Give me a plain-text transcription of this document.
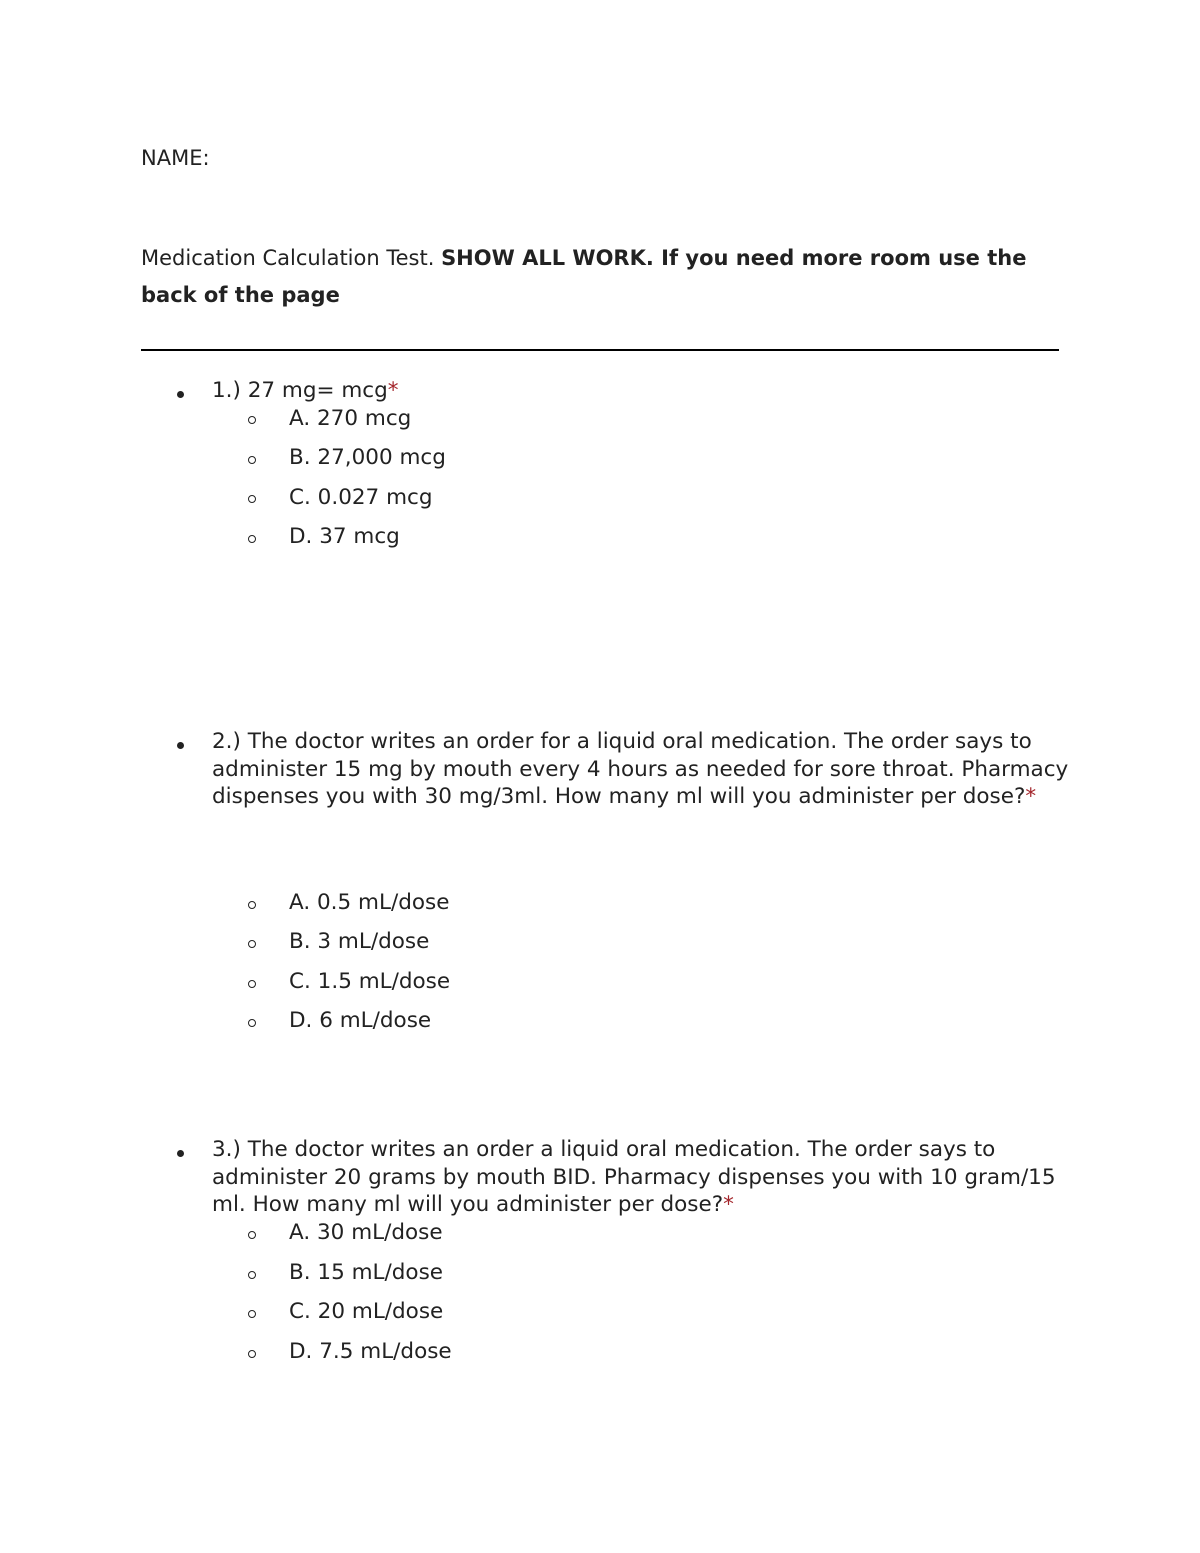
NAME:
Medication Calculation Test. SHOW ALL WORK. If you need more room use the back of the page
1.) 27 mg= mcg*
A. 270 mcg
B. 27,000 mcg
C. 0.027 mcg
D. 37 mcg
2.) The doctor writes an order for a liquid oral medication. The order says to administer 15 mg by mouth every 4 hours as needed for sore throat. Pharmacy dispenses you with 30 mg/3ml. How many ml will you administer per dose?*
A. 0.5 mL/dose
B. 3 mL/dose
C. 1.5 mL/dose
D. 6 mL/dose
3.) The doctor writes an order a liquid oral medication. The order says to administer 20 grams by mouth BID. Pharmacy dispenses you with 10 gram/15 ml. How many ml will you administer per dose?*
A. 30 mL/dose
B. 15 mL/dose
C. 20 mL/dose
D. 7.5 mL/dose
